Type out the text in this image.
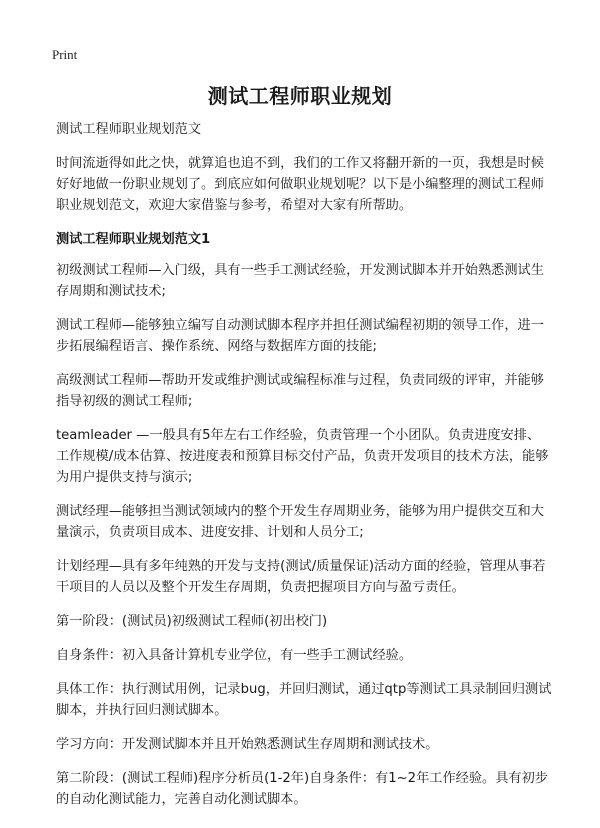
Print
测试工程师职业规划

测试工程师职业规划范文

时间流逝得如此之快，就算追也追不到，我们的工作又将翻开新的一页，我想是时候好好地做一份职业规划了。到底应如何做职业规划呢？以下是小编整理的测试工程师职业规划范文，欢迎大家借鉴与参考，希望对大家有所帮助。

测试工程师职业规划范文1

初级测试工程师—入门级，具有一些手工测试经验，开发测试脚本并开始熟悉测试生存周期和测试技术;

测试工程师—能够独立编写自动测试脚本程序并担任测试编程初期的领导工作，进一步拓展编程语言、操作系统、网络与数据库方面的技能;

高级测试工程师—帮助开发或维护测试或编程标准与过程，负责同级的评审，并能够指导初级的测试工程师;

teamleader —一般具有5年左右工作经验，负责管理一个小团队。负责进度安排、工作规模/成本估算、按进度表和预算目标交付产品，负责开发项目的技术方法，能够为用户提供支持与演示;

测试经理—能够担当测试领域内的整个开发生存周期业务，能够为用户提供交互和大量演示，负责项目成本、进度安排、计划和人员分工;

计划经理—具有多年纯熟的开发与支持(测试/质量保证)活动方面的经验，管理从事若干项目的人员以及整个开发生存周期，负责把握项目方向与盈亏责任。

第一阶段：(测试员)初级测试工程师(初出校门)

自身条件：初入具备计算机专业学位，有一些手工测试经验。

具体工作：执行测试用例，记录bug，并回归测试，通过qtp等测试工具录制回归测试脚本，并执行回归测试脚本。

学习方向：开发测试脚本并且开始熟悉测试生存周期和测试技术。

第二阶段：(测试工程师)程序分析员(1-2年)自身条件：有1~2年工作经验。具有初步的自动化测试能力，完善自动化测试脚本。
